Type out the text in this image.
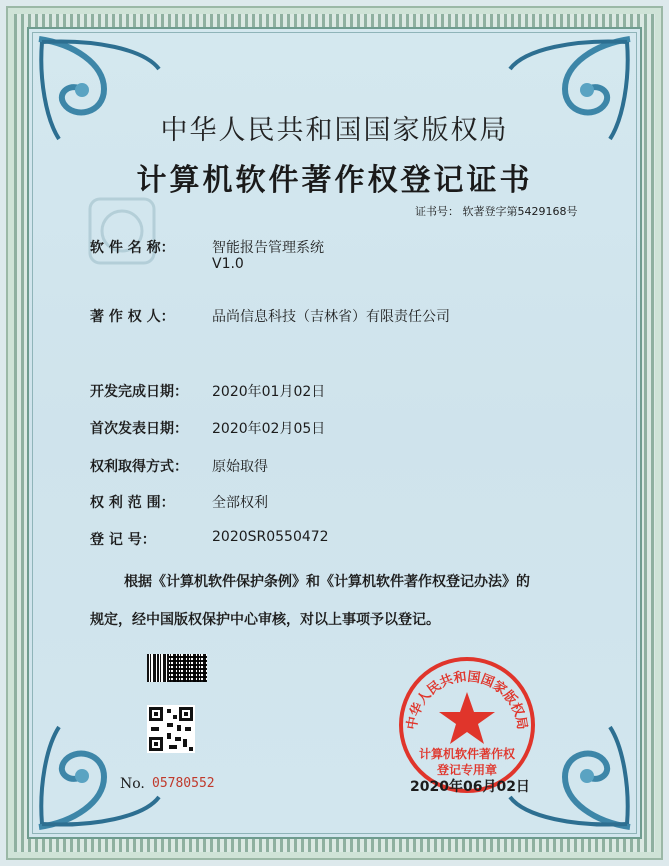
中华人民共和国国家版权局
计算机软件著作权登记证书
证书号： 软著登字第5429168号
软 件 名 称：	智能报告管理系统
V1.0
著 作 权 人：	品尚信息科技（吉林省）有限责任公司
开发完成日期： 2020年01月02日
首次发表日期： 2020年02月05日
权利取得方式： 原始取得
权 利 范 围：	全部权利
登 记 号：	2020SR0550472
根据《计算机软件保护条例》和《计算机软件著作权登记办法》的
规定，经中国版权保护中心审核，对以上事项予以登记。
No. 05780552
中华人民共和国国家版权局
计算机软件著作权
登记专用章
2020年06月02日
